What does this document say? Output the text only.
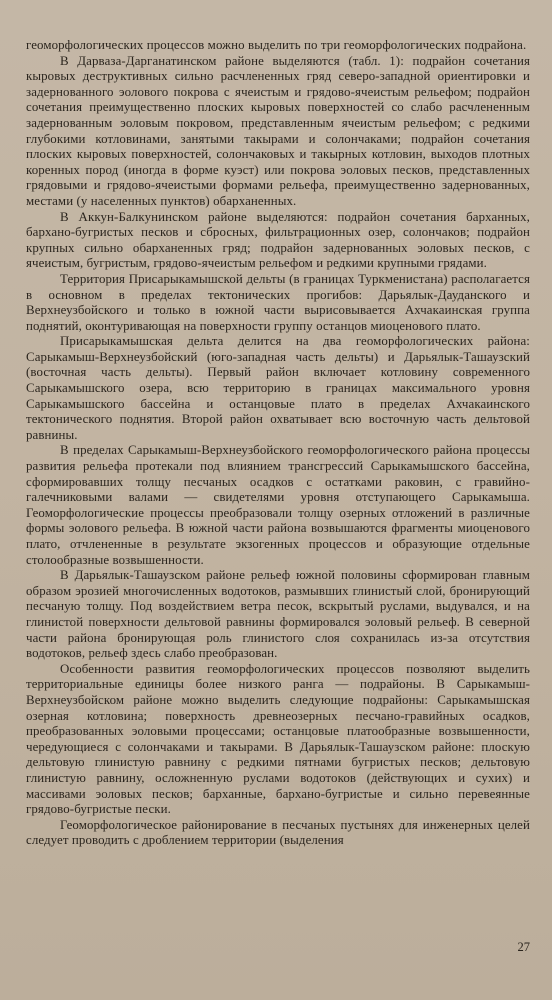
геоморфологических процессов можно выделить по три геоморфологических подрайона.

В Дарваза-Дарганатинском районе выделяются (табл. 1): подрайон сочетания кыровых деструктивных сильно расчлененных гряд северо-западной ориентировки и задернованного эолового покрова с ячеистым и грядово-ячеистым рельефом; подрайон сочетания преимущественно плоских кыровых поверхностей со слабо расчлененным задернованным эоловым покровом, представленным ячеистым рельефом; с редкими глубокими котловинами, занятыми такырами и солончаками; подрайон сочетания плоских кыровых поверхностей, солончаковых и такырных котловин, выходов плотных коренных пород (иногда в форме куэст) или покрова эоловых песков, представленных грядовыми и грядово-ячеистыми формами рельефа, преимущественно задернованных, местами (у населенных пунктов) обарханенных.

В Аккун-Балкунинском районе выделяются: подрайон сочетания барханных, бархано-бугристых песков и сбросных, фильтрационных озер, солончаков; подрайон крупных сильно обарханенных гряд; подрайон задернованных эоловых песков, с ячеистым, бугристым, грядово-ячеистым рельефом и редкими крупными грядами.

Территория Присарыкамышской дельты (в границах Туркменистана) располагается в основном в пределах тектонических прогибов: Дарьялык-Дауданского и Верхнеузбойского и только в южной части вырисовывается Ахчакаинская группа поднятий, оконтуривающая на поверхности группу останцов миоценового плато.

Присарыкамышская дельта делится на два геоморфологических района: Сарыкамыш-Верхнеузбойский (юго-западная часть дельты) и Дарьялык-Ташаузский (восточная часть дельты). Первый район включает котловину современного Сарыкамышского озера, всю территорию в границах максимального уровня Сарыкамышского бассейна и останцовые плато в пределах Ахчакаинского тектонического поднятия. Второй район охватывает всю восточную часть дельтовой равнины.

В пределах Сарыкамыш-Верхнеузбойского геоморфологического района процессы развития рельефа протекали под влиянием трансгрессий Сарыкамышского бассейна, сформировавших толщу песчаных осадков с остатками раковин, с гравийно-галечниковыми валами — свидетелями уровня отступающего Сарыкамыша. Геоморфологические процессы преобразовали толщу озерных отложений в различные формы эолового рельефа. В южной части района возвышаются фрагменты миоценового плато, отчлененные в результате экзогенных процессов и образующие отдельные столообразные возвышенности.

В Дарьялык-Ташаузском районе рельеф южной половины сформирован главным образом эрозией многочисленных водотоков, размывших глинистый слой, бронирующий песчаную толщу. Под воздействием ветра песок, вскрытый руслами, выдувался, и на глинистой поверхности дельтовой равнины формировался эоловый рельеф. В северной части района бронирующая роль глинистого слоя сохранилась из-за отсутствия водотоков, рельеф здесь слабо преобразован.

Особенности развития геоморфологических процессов позволяют выделить территориальные единицы более низкого ранга — подрайоны. В Сарыкамыш-Верхнеузбойском районе можно выделить следующие подрайоны: Сарыкамышская озерная котловина; поверхность древнеозерных песчано-гравийных осадков, преобразованных эоловыми процессами; останцовые платообразные возвышенности, чередующиеся с солончаками и такырами. В Дарьялык-Ташаузском районе: плоскую дельтовую глинистую равнину с редкими пятнами бугристых песков; дельтовую глинистую равнину, осложненную руслами водотоков (действующих и сухих) и массивами эоловых песков; барханные, бархано-бугристые и сильно перевеянные грядово-бугристые пески.

Геоморфологическое районирование в песчаных пустынях для инженерных целей следует проводить с дроблением территории (выделения

27
